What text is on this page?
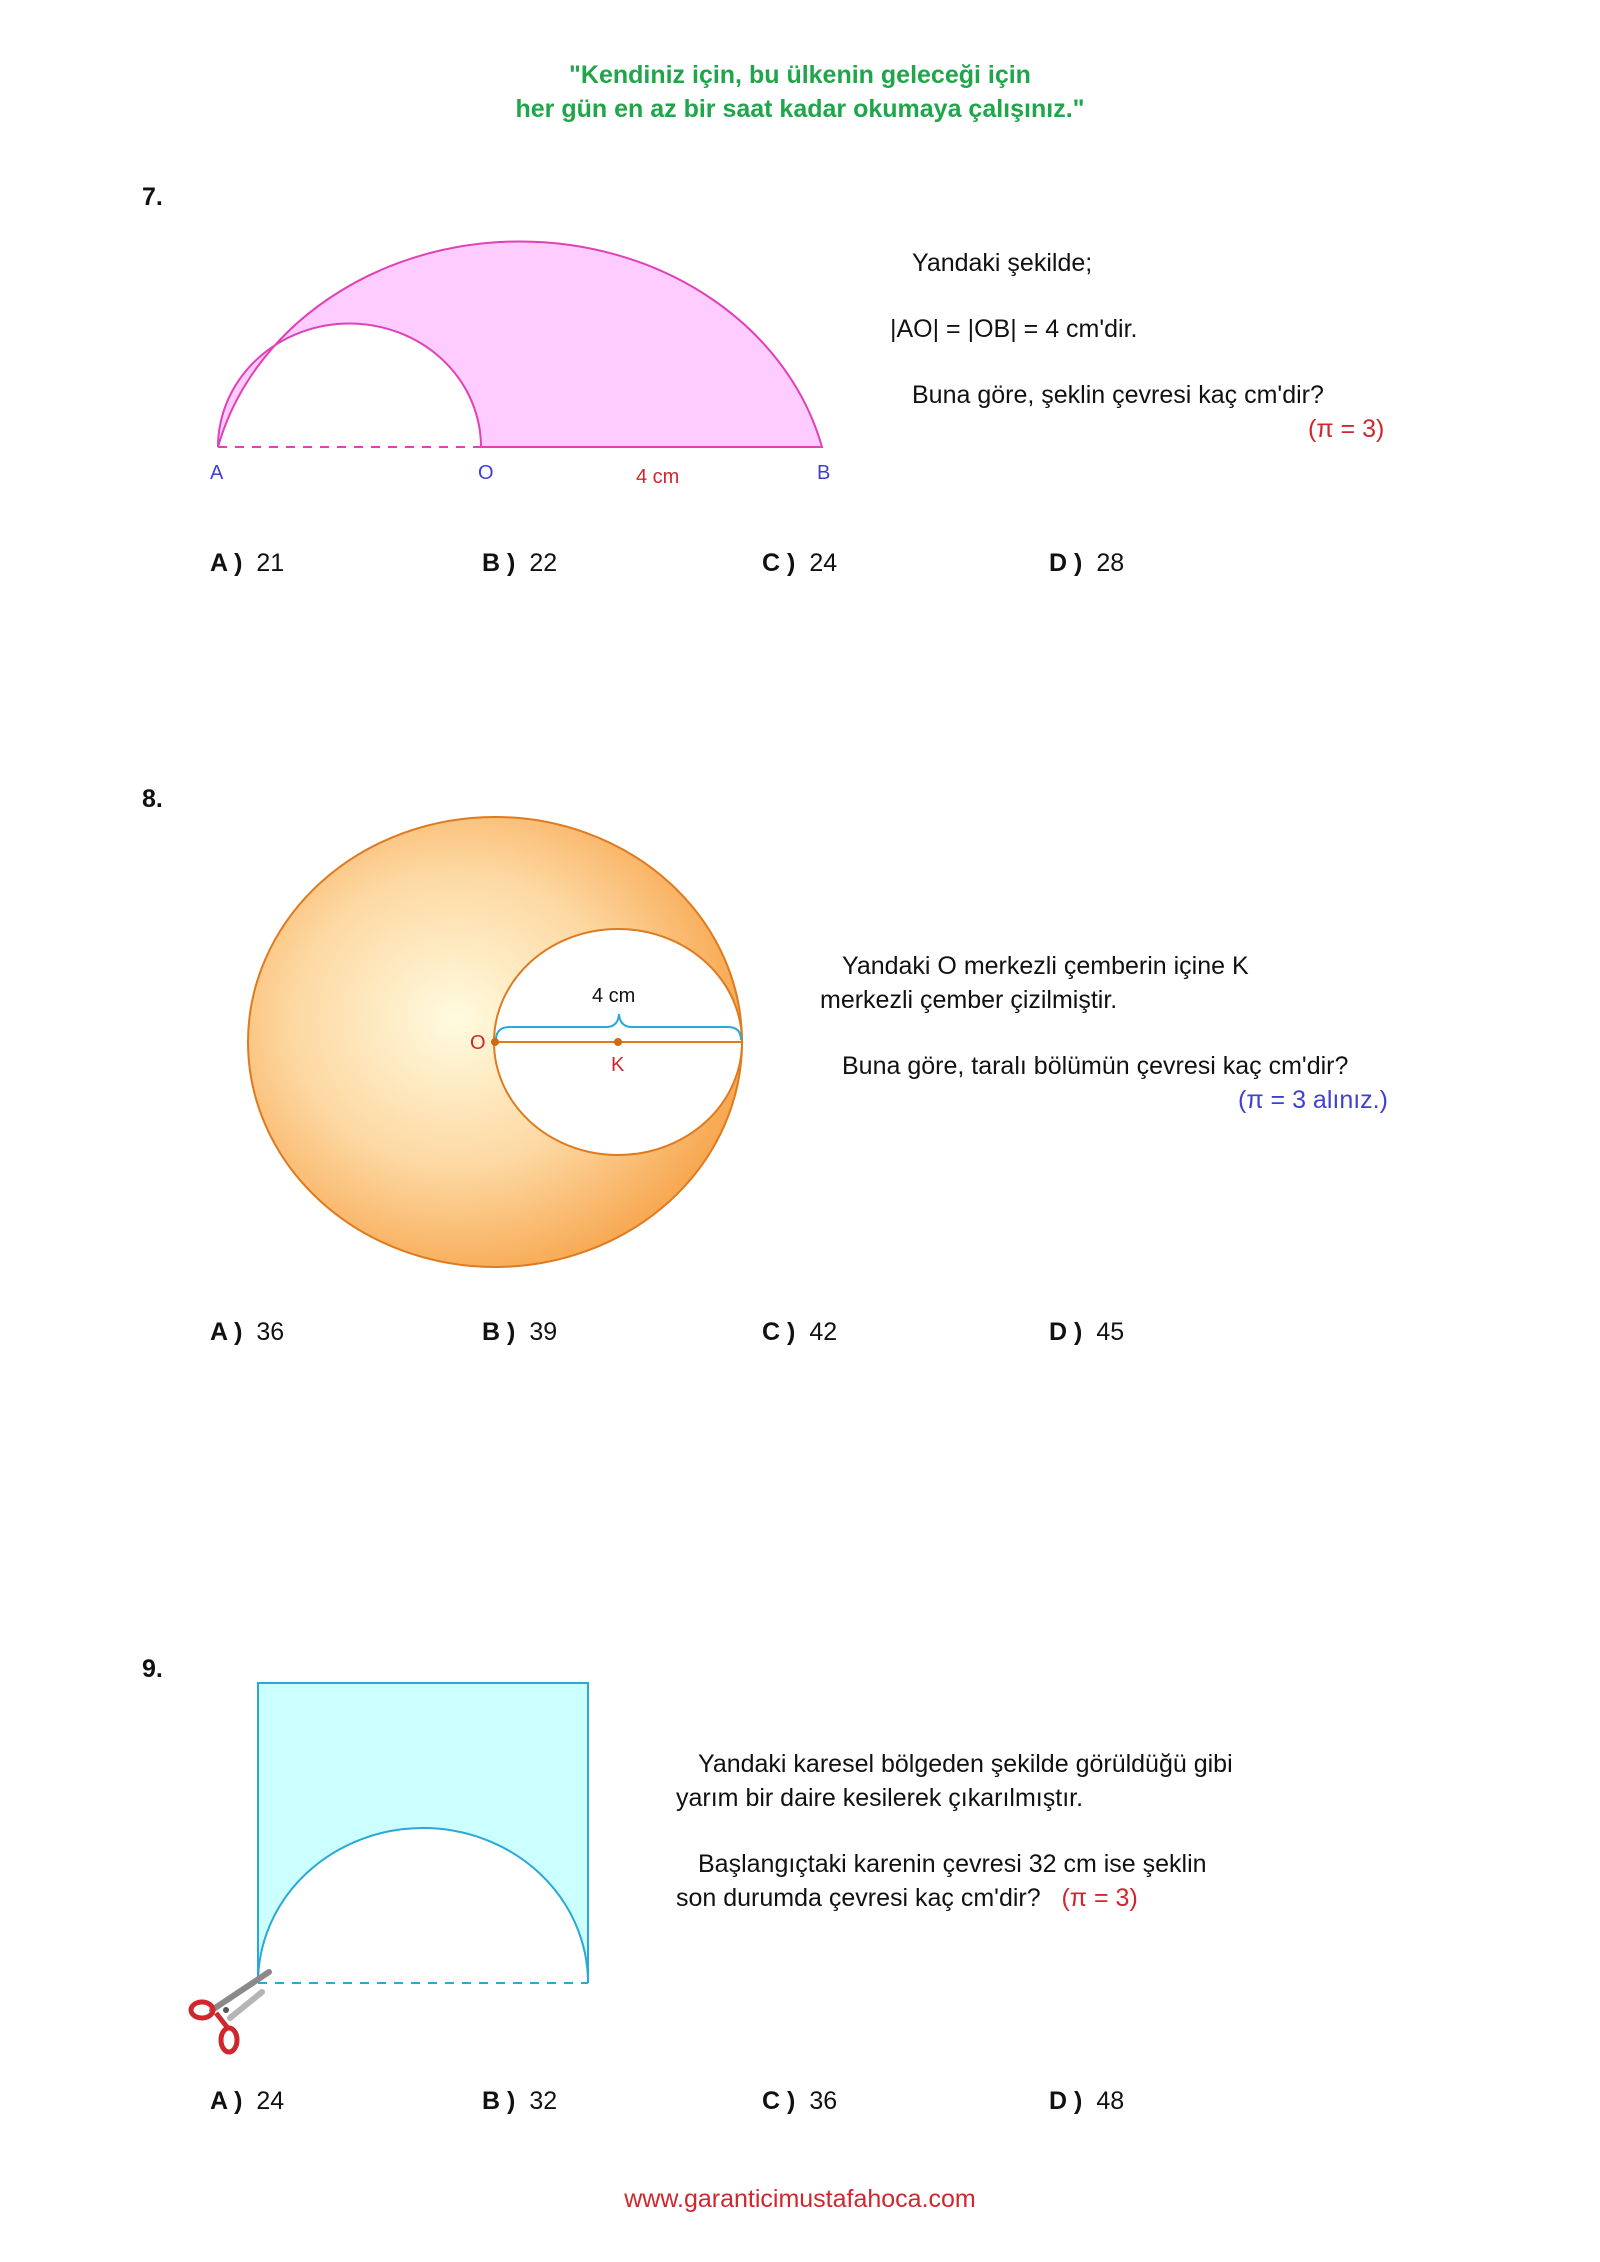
"Kendiniz için, bu ülkenin geleceği için
her gün en az bir saat kadar okumaya çalışınız."
7.
A	O	B
4 cm

Yandaki şekilde;

|AO| = |OB| = 4 cm'dir.

Buna göre, şeklin çevresi kaç cm'dir?

(π = 3)

A ) 21	B ) 22	C ) 24	D ) 28
8.
4 cm
O
K

Yandaki O merkezli çemberin içine K

merkezli çember çizilmiştir.

Buna göre, taralı bölümün çevresi kaç cm'dir?

(π = 3 alınız.)

A ) 36	B ) 39	C ) 42	D ) 45
9.

Yandaki karesel bölgeden şekilde görüldüğü gibi

yarım bir daire kesilerek çıkarılmıştır.

Başlangıçtaki karenin çevresi 32 cm ise şeklin

son durumda çevresi kaç cm'dir? (π = 3)

A ) 24	B ) 32	C ) 36	D ) 48
www.garanticimustafahoca.com
